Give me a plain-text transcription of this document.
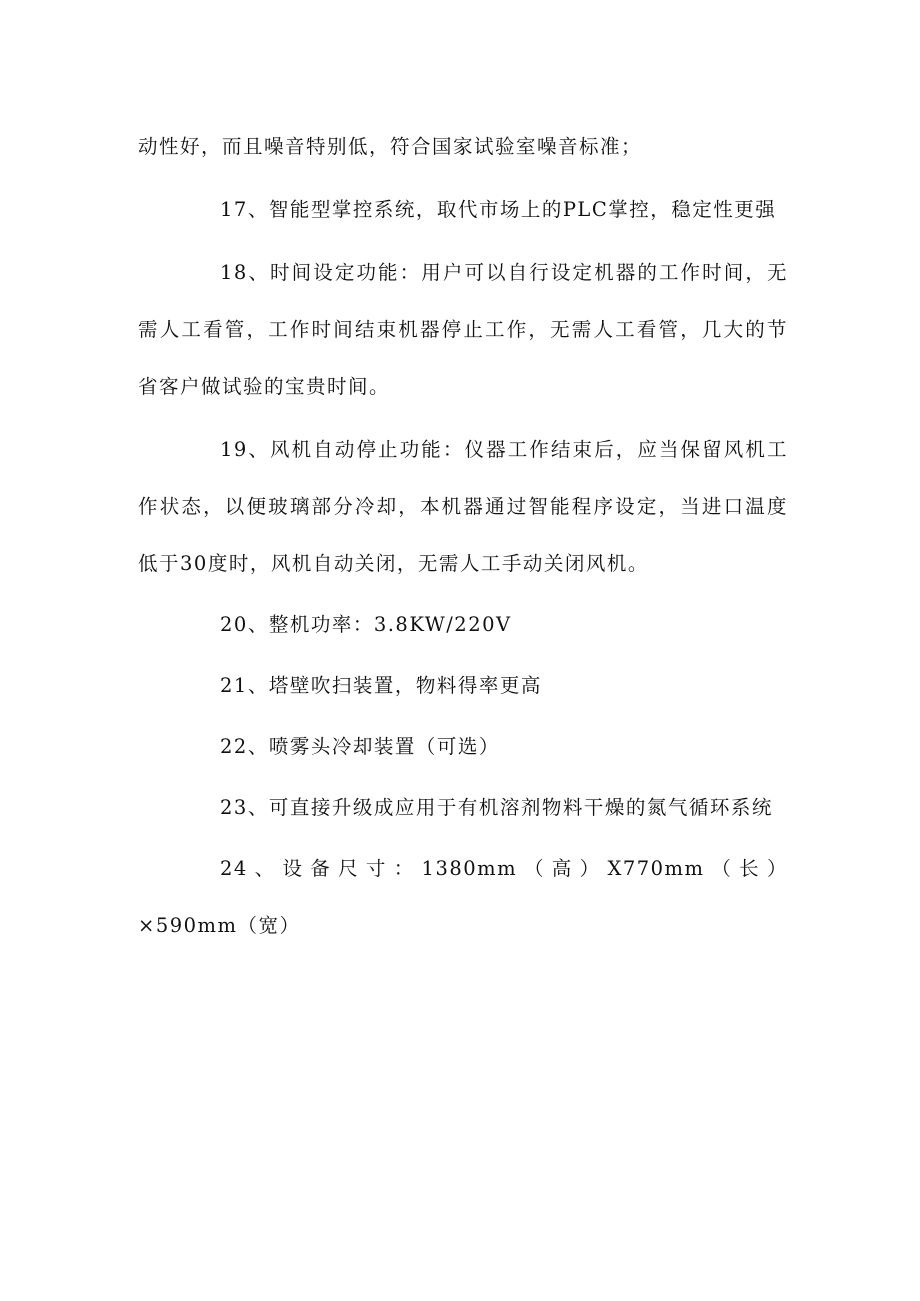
动性好，而且噪音特别低，符合国家试验室噪音标准；

17、智能型掌控系统，取代市场上的PLC掌控，稳定性更强

18、时间设定功能：用户可以自行设定机器的工作时间，无需人工看管，工作时间结束机器停止工作，无需人工看管，几大的节省客户做试验的宝贵时间。

19、风机自动停止功能：仪器工作结束后，应当保留风机工作状态，以便玻璃部分冷却，本机器通过智能程序设定，当进口温度低于30度时，风机自动关闭，无需人工手动关闭风机。

20、整机功率：3.8KW/220V

21、塔壁吹扫装置，物料得率更高

22、喷雾头冷却装置（可选）

23、可直接升级成应用于有机溶剂物料干燥的氮气循环系统

24、设备尺寸：1380mm（高）X770mm（长）×590mm（宽）
